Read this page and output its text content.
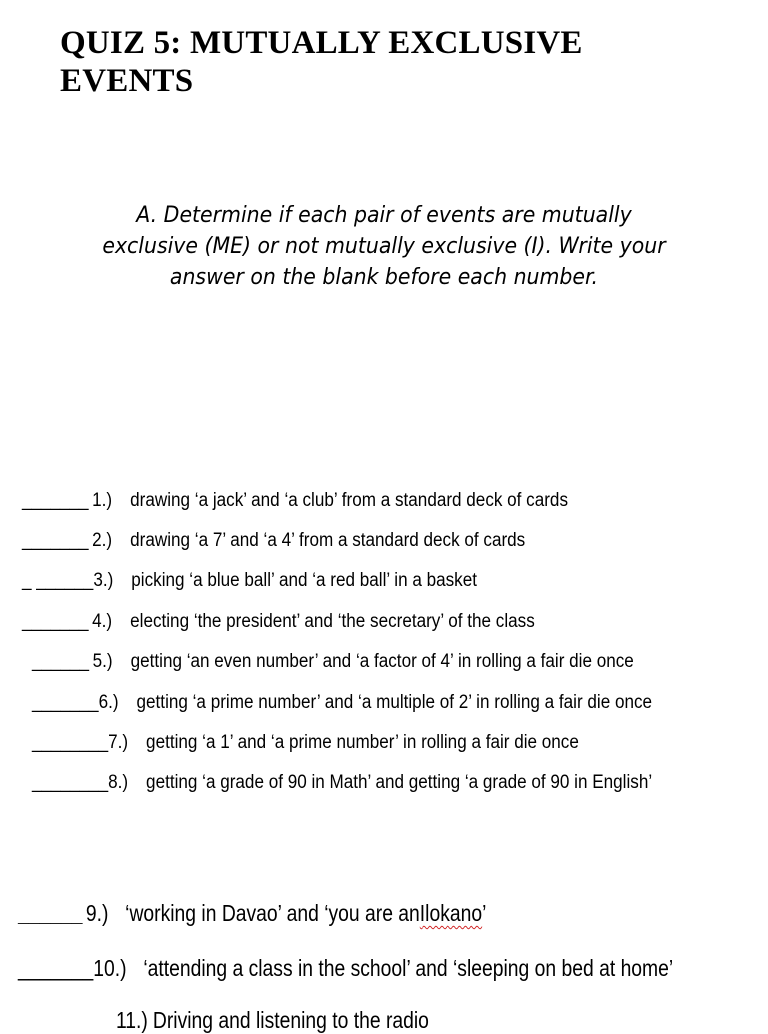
QUIZ 5: MUTUALLY EXCLUSIVE
EVENTS
A. Determine if each pair of events are mutually
exclusive (ME) or not mutually exclusive (I). Write your
answer on the blank before each number.
_______ 1.) drawing ‘a jack’ and ‘a club’ from a standard deck of cards
_______ 2.) drawing ‘a 7’ and ‘a 4’ from a standard deck of cards
_ ______3.) picking ‘a blue ball’ and ‘a red ball’ in a basket
_______ 4.) electing ‘the president’ and ‘the secretary’ of the class
______ 5.) getting ‘an even number’ and ‘a factor of 4’ in rolling a fair die once
_______6.) getting ‘a prime number’ and ‘a multiple of 2’ in rolling a fair die once
________7.) getting ‘a 1’ and ‘a prime number’ in rolling a fair die once
________8.) getting ‘a grade of 90 in Math’ and getting ‘a grade of 90 in English’
______ 9.) ‘working in Davao’ and ‘you are anIlokano’
_______10.) ‘attending a class in the school’ and ‘sleeping on bed at home’
11.) Driving and listening to the radio
